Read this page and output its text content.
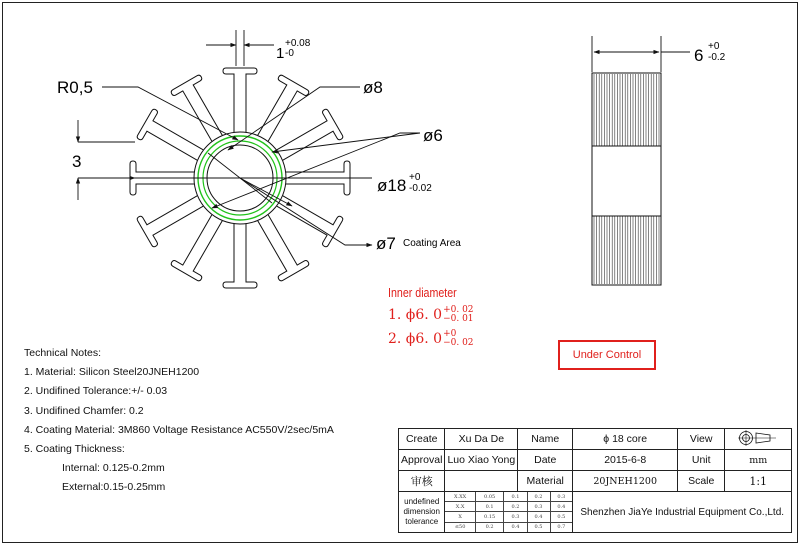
1
+0.08
-0
R0,5	ø8
ø6
ø18 +0
-0.02
ø7 Coating Area
3
6 +0
-0.2
Inner diameter
1. ϕ6. 0 +0. 02
−0. 01
2. ϕ6. 0 +0
−0. 02
Under Control
Technical Notes:
1. Material: Silicon Steel20JNEH1200
2. Undifined Tolerance:+/- 0.03
3. Undifined Chamfer: 0.2
4. Coating Material: 3M860 Voltage Resistance AC550V/2sec/5mA
5. Coating Thickness:
Internal: 0.125-0.2mm
External:0.15-0.25mm
Create	Xu Da De	Name	ϕ 18 core	View	
Approval	Luo Xiao Yong	Date	2015-6-8	Unit	mm
审核		Material	20JNEH1200	Scale	1:1

undefined
dimension
tolerance

X.XX	0.05	0.1	0.2	0.3
X.X	0.1	0.2	0.3	0.4
X	0.15	0.3	0.4	0.5
≤50	0.2	0.4	0.5	0.7
	Shenzhen JiaYe Industrial Equipment Co.,Ltd.
